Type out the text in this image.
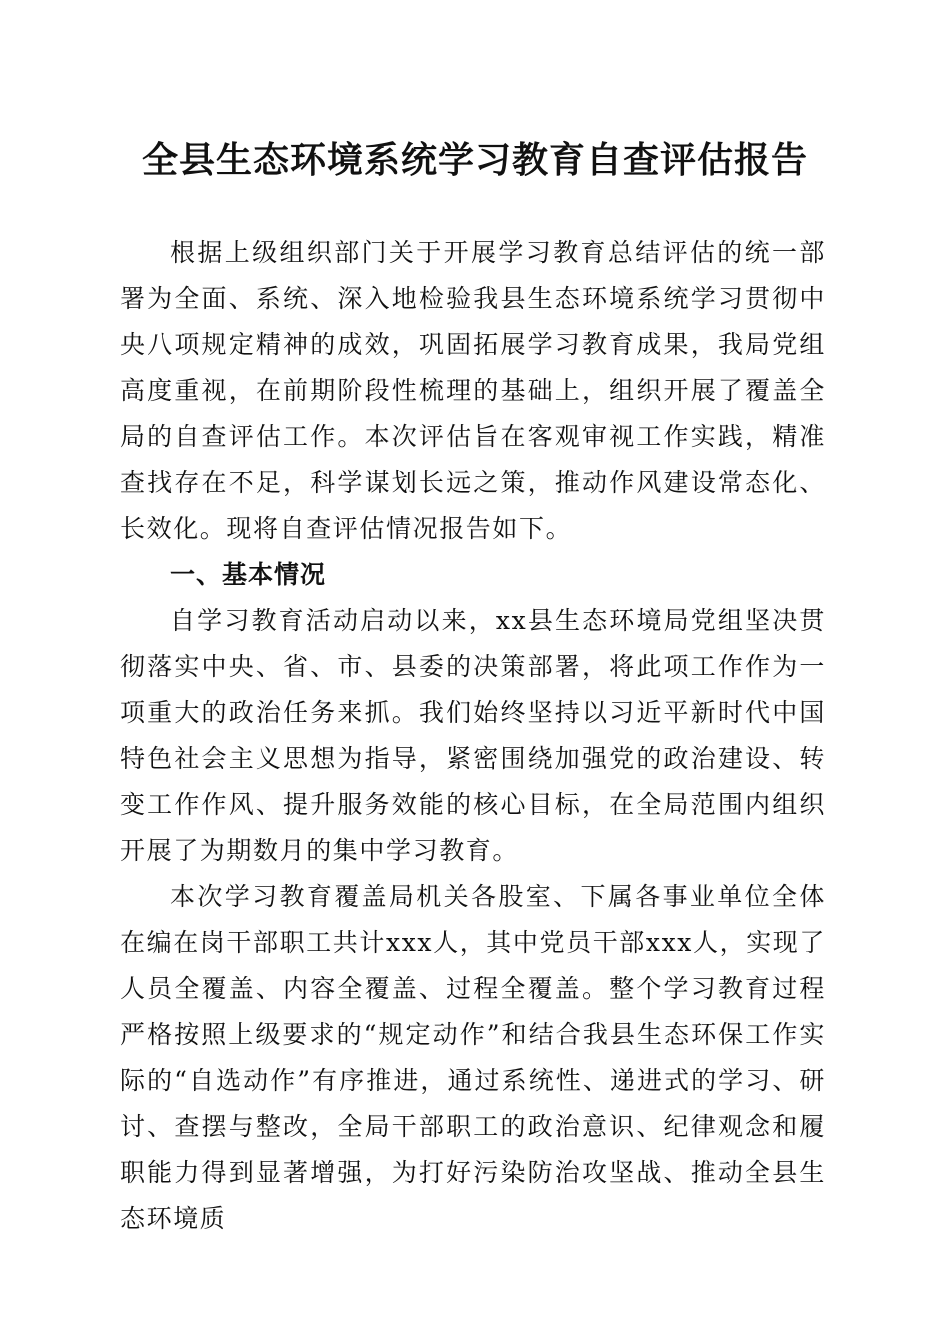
全县生态环境系统学习教育自查评估报告

根据上级组织部门关于开展学习教育总结评估的统一部署为全面、系统、深入地检验我县生态环境系统学习贯彻中央八项规定精神的成效，巩固拓展学习教育成果，我局党组高度重视，在前期阶段性梳理的基础上，组织开展了覆盖全局的自查评估工作。本次评估旨在客观审视工作实践，精准查找存在不足，科学谋划长远之策，推动作风建设常态化、长效化。现将自查评估情况报告如下。

一、基本情况

自学习教育活动启动以来，xx县生态环境局党组坚决贯彻落实中央、省、市、县委的决策部署，将此项工作作为一项重大的政治任务来抓。我们始终坚持以习近平新时代中国特色社会主义思想为指导，紧密围绕加强党的政治建设、转变工作作风、提升服务效能的核心目标，在全局范围内组织开展了为期数月的集中学习教育。

本次学习教育覆盖局机关各股室、下属各事业单位全体在编在岗干部职工共计xxx人，其中党员干部xxx人，实现了人员全覆盖、内容全覆盖、过程全覆盖。整个学习教育过程严格按照上级要求的“规定动作”和结合我县生态环保工作实际的“自选动作”有序推进，通过系统性、递进式的学习、研讨、查摆与整改，全局干部职工的政治意识、纪律观念和履职能力得到显著增强，为打好污染防治攻坚战、推动全县生态环境质
